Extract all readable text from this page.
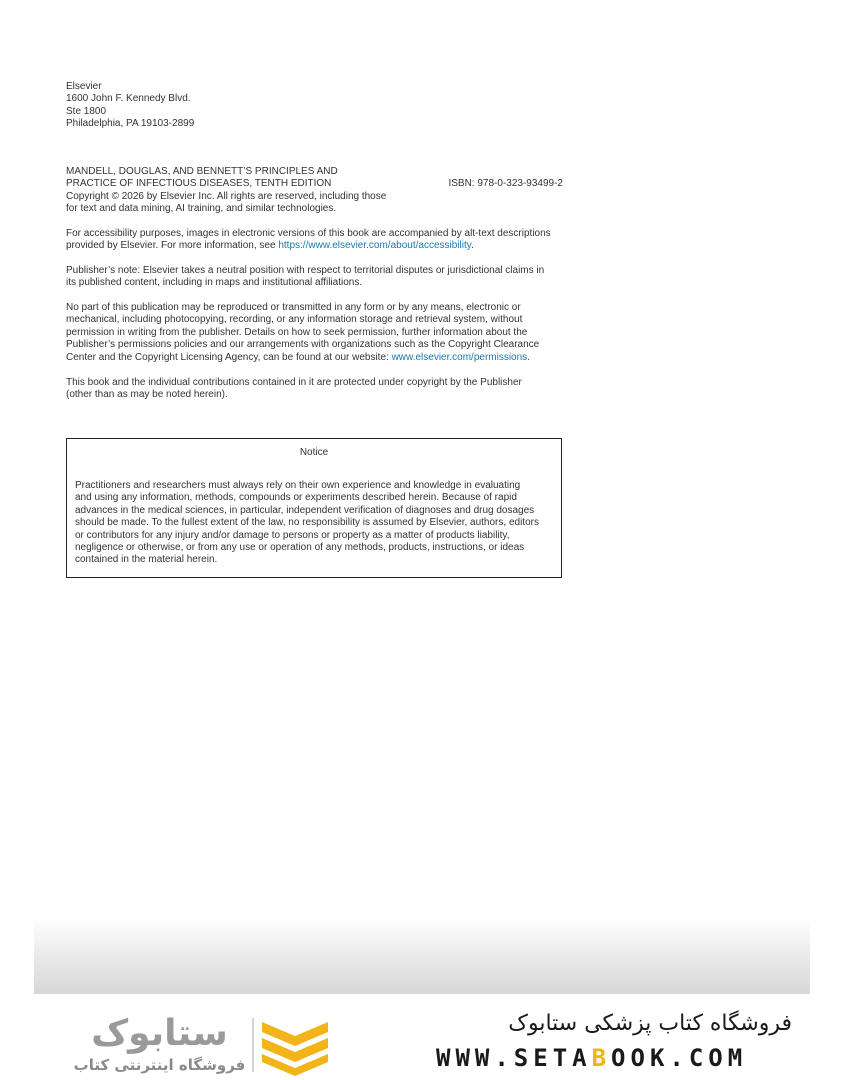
Elsevier
1600 John F. Kennedy Blvd.
Ste 1800
Philadelphia, PA 19103-2899
MANDELL, DOUGLAS, AND BENNETT’S PRINCIPLES AND
PRACTICE OF INFECTIOUS DISEASES, TENTH EDITION
Copyright © 2026 by Elsevier Inc. All rights are reserved, including those
for text and data mining, AI training, and similar technologies.
ISBN: 978-0-323-93499-2
For accessibility purposes, images in electronic versions of this book are accompanied by alt-text descriptions
provided by Elsevier. For more information, see https://www.elsevier.com/about/accessibility.
Publisher’s note: Elsevier takes a neutral position with respect to territorial disputes or jurisdictional claims in
its published content, including in maps and institutional affiliations.
No part of this publication may be reproduced or transmitted in any form or by any means, electronic or
mechanical, including photocopying, recording, or any information storage and retrieval system, without
permission in writing from the publisher. Details on how to seek permission, further information about the
Publisher’s permissions policies and our arrangements with organizations such as the Copyright Clearance
Center and the Copyright Licensing Agency, can be found at our website: www.elsevier.com/permissions.
This book and the individual contributions contained in it are protected under copyright by the Publisher
(other than as may be noted herein).
Notice
Practitioners and researchers must always rely on their own experience and knowledge in evaluating
and using any information, methods, compounds or experiments described herein. Because of rapid
advances in the medical sciences, in particular, independent verification of diagnoses and drug dosages
should be made. To the fullest extent of the law, no responsibility is assumed by Elsevier, authors, editors
or contributors for any injury and/or damage to persons or property as a matter of products liability,
negligence or otherwise, or from any use or operation of any methods, products, instructions, or ideas
contained in the material herein.
ستابوک
فروشگاه اینترنتی کتاب
فروشگاه کتاب پزشکی ستابوک
WWW.SETABOOK.COM
